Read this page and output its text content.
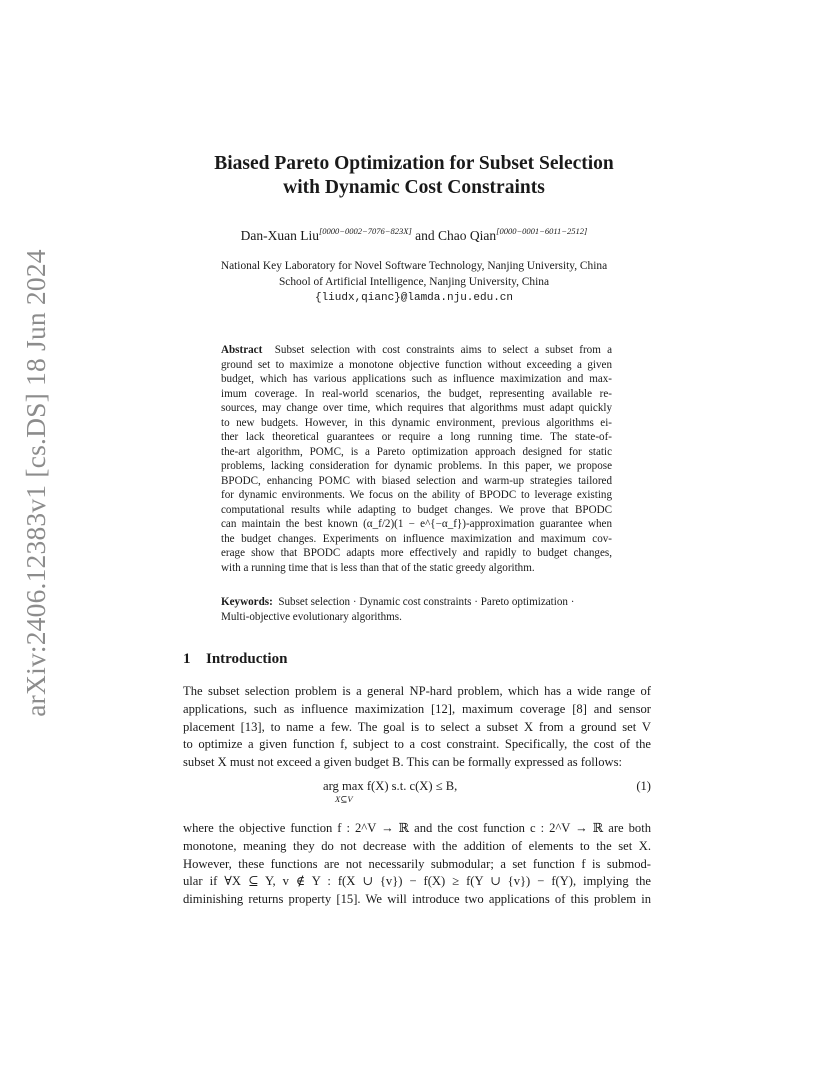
arXiv:2406.12383v1 [cs.DS] 18 Jun 2024
Biased Pareto Optimization for Subset Selection
with Dynamic Cost Constraints
Dan-Xuan Liu[0000−0002−7076−823X] and Chao Qian[0000−0001−6011−2512]
National Key Laboratory for Novel Software Technology, Nanjing University, China
School of Artificial Intelligence, Nanjing University, China
{liudx,qianc}@lamda.nju.edu.cn
Abstract Subset selection with cost constraints aims to select a subset from a
ground set to maximize a monotone objective function without exceeding a given
budget, which has various applications such as influence maximization and max-
imum coverage. In real-world scenarios, the budget, representing available re-
sources, may change over time, which requires that algorithms must adapt quickly
to new budgets. However, in this dynamic environment, previous algorithms ei-
ther lack theoretical guarantees or require a long running time. The state-of-
the-art algorithm, POMC, is a Pareto optimization approach designed for static
problems, lacking consideration for dynamic problems. In this paper, we propose
BPODC, enhancing POMC with biased selection and warm-up strategies tailored
for dynamic environments. We focus on the ability of BPODC to leverage existing
computational results while adapting to budget changes. We prove that BPODC
can maintain the best known (α_f/2)(1 − e^{−α_f})-approximation guarantee when
the budget changes. Experiments on influence maximization and maximum cov-
erage show that BPODC adapts more effectively and rapidly to budget changes,
with a running time that is less than that of the static greedy algorithm.
Keywords: Subset selection · Dynamic cost constraints · Pareto optimization ·
Multi-objective evolutionary algorithms.
1 Introduction
The subset selection problem is a general NP-hard problem, which has a wide range of
applications, such as influence maximization [12], maximum coverage [8] and sensor
placement [13], to name a few. The goal is to select a subset X from a ground set V
to optimize a given function f, subject to a cost constraint. Specifically, the cost of the
subset X must not exceed a given budget B. This can be formally expressed as follows:
arg max f(X) s.t. c(X) ≤ B,
X⊆V
(1)
where the objective function f : 2^V → ℝ and the cost function c : 2^V → ℝ are both
monotone, meaning they do not decrease with the addition of elements to the set X.
However, these functions are not necessarily submodular; a set function f is submod-
ular if ∀X ⊆ Y, v ∉ Y : f(X ∪ {v}) − f(X) ≥ f(Y ∪ {v}) − f(Y), implying the
diminishing returns property [15]. We will introduce two applications of this problem in
